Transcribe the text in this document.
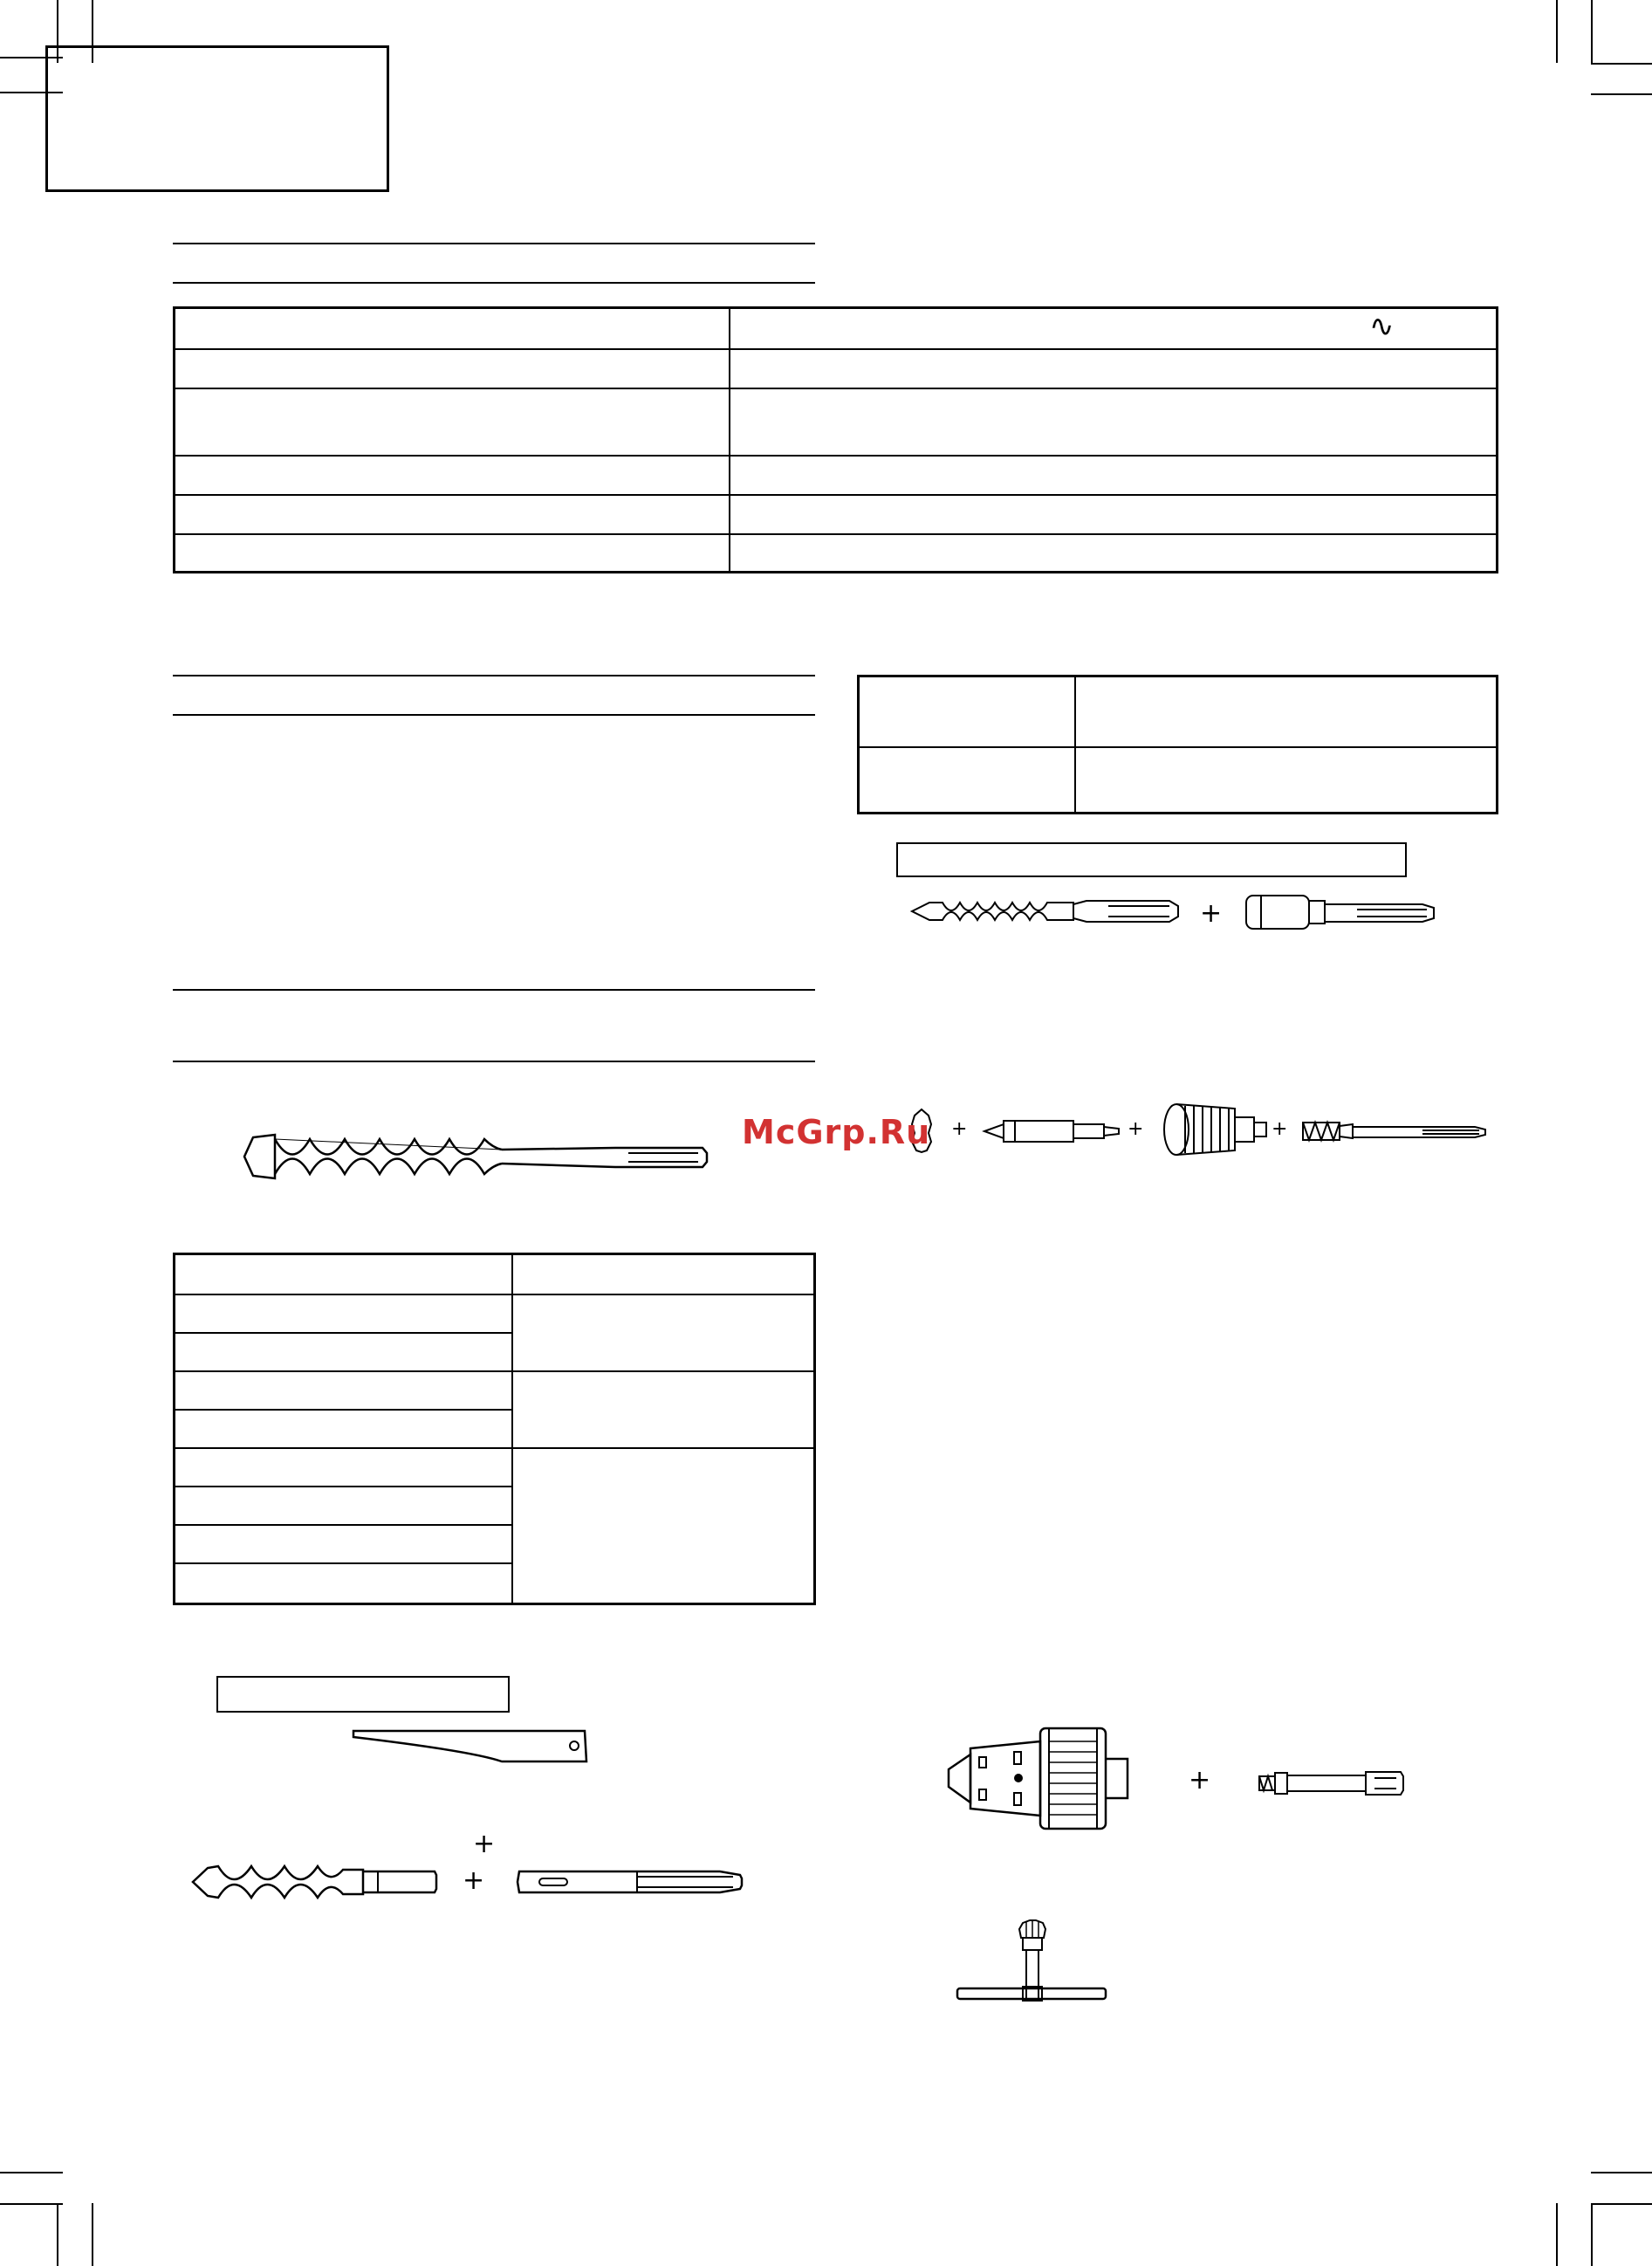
∿
+
+	+	+
McGrp.Ru
+
+
+
